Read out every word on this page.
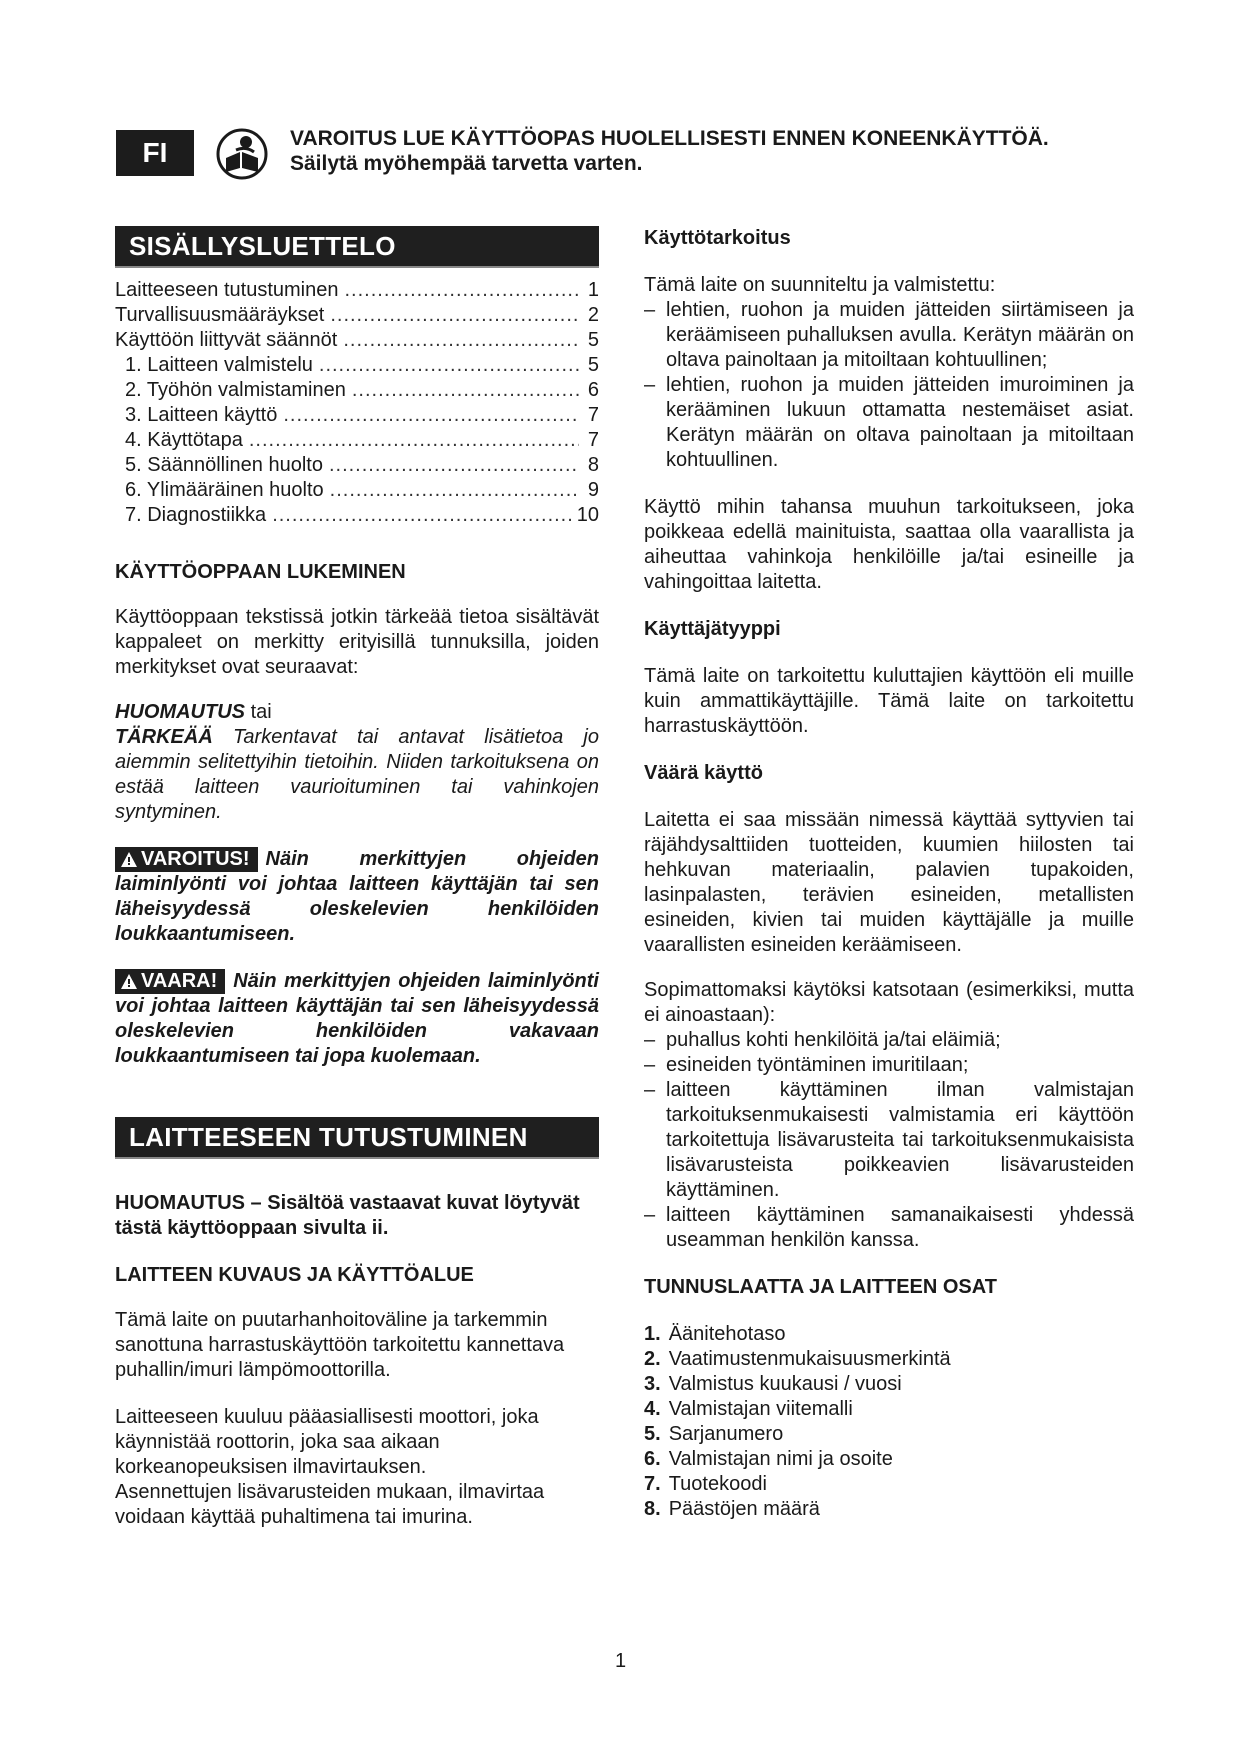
FI	VAROITUS LUE KÄYTTÖOPAS HUOLELLISESTI ENNEN KONEENKÄYTTÖÄ.
Säilytä myöhempää tarvetta varten.
SISÄLLYSLUETTELO
Laitteeseen tutustuminen .....	1
Turvallisuusmääräykset .....	2
Käyttöön liittyvät säännöt .....	5
1. Laitteen valmistelu .....	5
2. Työhön valmistaminen .....	6
3. Laitteen käyttö .....	7
4. Käyttötapa .....	7
5. Säännöllinen huolto .....	8
6. Ylimääräinen huolto .....	9
7. Diagnostiikka .....	10
KÄYTTÖOPPAAN LUKEMINEN

Käyttöoppaan tekstissä jotkin tärkeää tietoa sisältävät kappaleet on merkitty erityisillä tunnuksilla, joiden merkitykset ovat seuraavat:

HUOMAUTUS tai
TÄRKEÄÄ Tarkentavat tai antavat lisätietoa jo aiemmin selitettyihin tietoihin. Niiden tarkoituksena on estää laitteen vaurioituminen tai vahinkojen syntyminen.

VAROITUS! Näin merkittyjen ohjeiden laiminlyönti voi johtaa laitteen käyttäjän tai sen läheisyydessä oleskelevien henkilöiden loukkaantumiseen.

VAARA! Näin merkittyjen ohjeiden laiminlyönti voi johtaa laitteen käyttäjän tai sen läheisyydessä oleskelevien henkilöiden vakavaan loukkaantumiseen tai jopa kuolemaan.

LAITTEESEEN TUTUSTUMINEN
HUOMAUTUS – Sisältöä vastaavat kuvat löytyvät tästä käyttöoppaan sivulta ii.
LAITTEEN KUVAUS JA KÄYTTÖALUE

Tämä laite on puutarhanhoitoväline ja tarkemmin sanottuna harrastuskäyttöön tarkoitettu kannettava puhallin/imuri lämpömoottorilla.

Laitteeseen kuuluu pääasiallisesti moottori, joka käynnistää roottorin, joka saa aikaan korkeanopeuksisen ilmavirtauksen.

Asennettujen lisävarusteiden mukaan, ilmavirtaa voidaan käyttää puhaltimena tai imurina.

Käyttötarkoitus

Tämä laite on suunniteltu ja valmistettu:

– lehtien, ruohon ja muiden jätteiden siirtämiseen ja keräämiseen puhalluksen avulla. Kerätyn määrän on oltava painoltaan ja mitoiltaan kohtuullinen;
– lehtien, ruohon ja muiden jätteiden imuroiminen ja kerääminen lukuun ottamatta nestemäiset asiat. Kerätyn määrän on oltava painoltaan ja mitoiltaan kohtuullinen.

Käyttö mihin tahansa muuhun tarkoitukseen, joka poikkeaa edellä mainituista, saattaa olla vaarallista ja aiheuttaa vahinkoja henkilöille ja/tai esineille ja vahingoittaa laitetta.

Käyttäjätyyppi

Tämä laite on tarkoitettu kuluttajien käyttöön eli muille kuin ammattikäyttäjille. Tämä laite on tarkoitettu harrastuskäyttöön.

Väärä käyttö

Laitetta ei saa missään nimessä käyttää syttyvien tai räjähdysalttiiden tuotteiden, kuumien hiilosten tai hehkuvan materiaalin, palavien tupakoiden, lasinpalasten, terävien esineiden, metallisten esineiden, kivien tai muiden käyttäjälle ja muille vaarallisten esineiden keräämiseen.

Sopimattomaksi käytöksi katsotaan (esimerkiksi, mutta ei ainoastaan):

– puhallus kohti henkilöitä ja/tai eläimiä;
– esineiden työntäminen imuritilaan;
– laitteen käyttäminen ilman valmistajan tarkoituksenmukaisesti valmistamia eri käyttöön tarkoitettuja lisävarusteita tai tarkoituksenmukaisista lisävarusteista poikkeavien lisävarusteiden käyttäminen.
– laitteen käyttäminen samanaikaisesti yhdessä useamman henkilön kanssa.
TUNNUSLAATTA JA LAITTEEN OSAT
1. Äänitehotaso
2. Vaatimustenmukaisuusmerkintä
3. Valmistus kuukausi / vuosi
4. Valmistajan viitemalli
5. Sarjanumero
6. Valmistajan nimi ja osoite
7. Tuotekoodi
8. Päästöjen määrä
1
